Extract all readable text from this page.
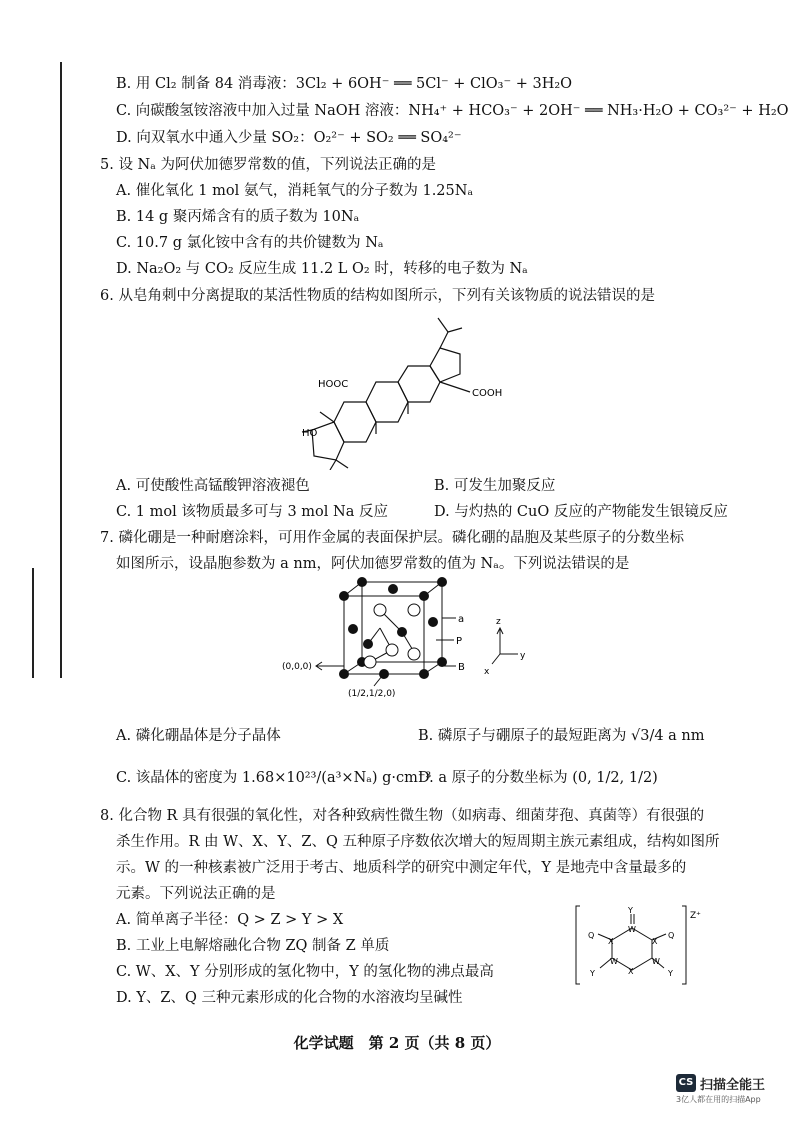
B. 用 Cl₂ 制备 84 消毒液：3Cl₂ + 6OH⁻ ══ 5Cl⁻ + ClO₃⁻ + 3H₂O
C. 向碳酸氢铵溶液中加入过量 NaOH 溶液：NH₄⁺ + HCO₃⁻ + 2OH⁻ ══ NH₃·H₂O + CO₃²⁻ + H₂O
D. 向双氧水中通入少量 SO₂：O₂²⁻ + SO₂ ══ SO₄²⁻
5. 设 Nₐ 为阿伏加德罗常数的值，下列说法正确的是
A. 催化氧化 1 mol 氨气，消耗氧气的分子数为 1.25Nₐ
B. 14 g 聚丙烯含有的质子数为 10Nₐ
C. 10.7 g 氯化铵中含有的共价键数为 Nₐ
D. Na₂O₂ 与 CO₂ 反应生成 11.2 L O₂ 时，转移的电子数为 Nₐ
6. 从皂角刺中分离提取的某活性物质的结构如图所示，下列有关该物质的说法错误的是
HOOC
COOH
HO
A. 可使酸性高锰酸钾溶液褪色	B. 可发生加聚反应
C. 1 mol 该物质最多可与 3 mol Na 反应	D. 与灼热的 CuO 反应的产物能发生银镜反应
7. 磷化硼是一种耐磨涂料，可用作金属的表面保护层。磷化硼的晶胞及某些原子的分数坐标
如图所示，设晶胞参数为 a nm，阿伏加德罗常数的值为 Nₐ。下列说法错误的是
a
P
B
(0,0,0)
(1/2,1/2,0)
z
y
x
A. 磷化硼晶体是分子晶体	B. 磷原子与硼原子的最短距离为 √3/4 a nm
C. 该晶体的密度为 1.68×10²³/(a³×Nₐ) g·cm⁻³
D. a 原子的分数坐标为 (0, 1/2, 1/2)
8. 化合物 R 具有很强的氧化性，对各种致病性微生物（如病毒、细菌芽孢、真菌等）有很强的
杀生作用。R 由 W、X、Y、Z、Q 五种原子序数依次增大的短周期主族元素组成，结构如图所
示。W 的一种核素被广泛用于考古、地质科学的研究中测定年代，Y 是地壳中含量最多的
元素。下列说法正确的是
A. 简单离子半径：Q > Z > Y > X
B. 工业上电解熔融化合物 ZQ 制备 Z 单质
C. W、X、Y 分别形成的氢化物中，Y 的氢化物的沸点最高
D. Y、Z、Q 三种元素形成的化合物的水溶液均呈碱性
Y
W
Q	Q
X	X
Y	Y
W	W
X
Z⁺
化学试题　第 2 页（共 8 页）
CS 扫描全能王
3亿人都在用的扫描App
